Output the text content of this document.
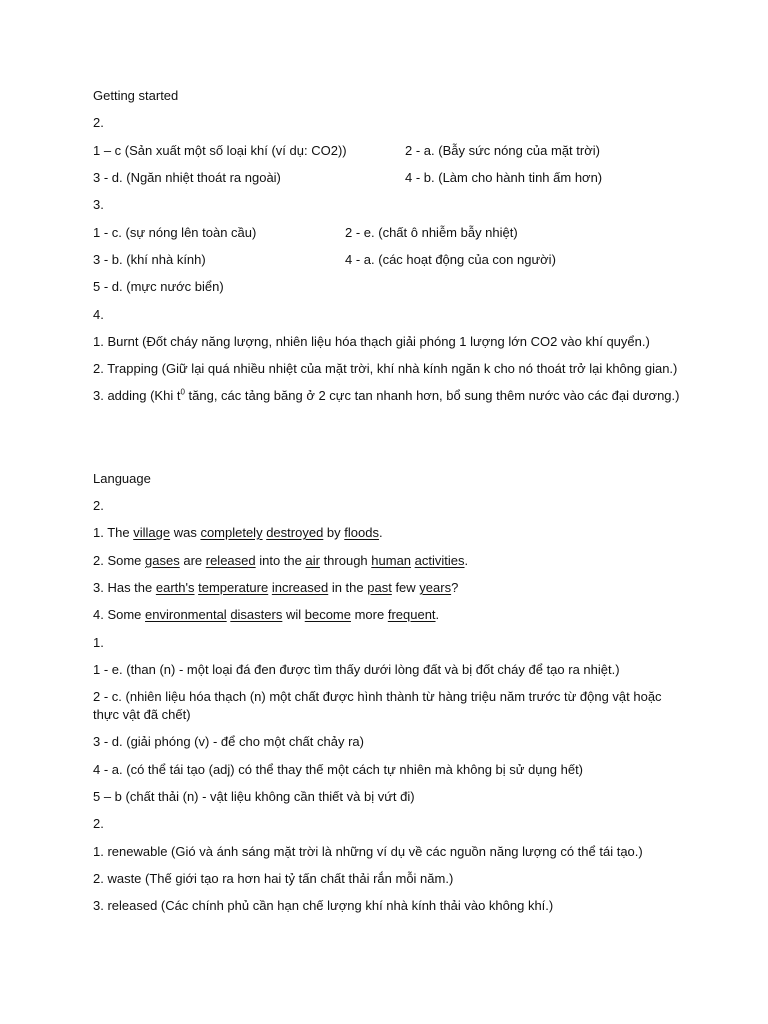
Getting started
2.
1 – c (Sản xuất một số loại khí (ví dụ: CO2))	2 - a. (Bẫy sức nóng của mặt trời)
3 - d. (Ngăn nhiệt thoát ra ngoài)	4 - b. (Làm cho hành tinh ấm hơn)
3.
1 - c. (sự nóng lên toàn cầu)	2 - e. (chất ô nhiễm bẫy nhiệt)
3 - b. (khí nhà kính)	4 - a. (các hoạt động của con người)
5 - d. (mực nước biển)
4.
1. Burnt (Đốt cháy năng lượng, nhiên liệu hóa thạch giải phóng 1 lượng lớn CO2 vào khí quyển.)
2. Trapping (Giữ lại quá nhiều nhiệt của mặt trời, khí nhà kính ngăn k cho nó thoát trở lại không gian.)
3. adding (Khi $t^0$ tăng, các tảng băng ở 2 cực tan nhanh hơn, bổ sung thêm nước vào các đại dương.)
Language
2.
1. The village was completely destroyed by floods.
2. Some gases are released into the air through human activities.
3. Has the earth's temperature increased in the past few years?
4. Some environmental disasters wil become more frequent.
1.
1 - e. (than (n) - một loại đá đen được tìm thấy dưới lòng đất và bị đốt cháy để tạo ra nhiệt.)
2 - c. (nhiên liệu hóa thạch (n) một chất được hình thành từ hàng triệu năm trước từ động vật hoặc thực vật đã chết)
3 - d. (giải phóng (v) - để cho một chất chảy ra)
4 - a. (có thể tái tạo (adj) có thể thay thế một cách tự nhiên mà không bị sử dụng hết)
5 – b (chất thải (n) - vật liệu không cần thiết và bị vứt đi)
2.
1. renewable (Gió và ánh sáng mặt trời là những ví dụ về các nguồn năng lượng có thể tái tạo.)
2. waste (Thế giới tạo ra hơn hai tỷ tấn chất thải rắn mỗi năm.)
3. released (Các chính phủ cần hạn chế lượng khí nhà kính thải vào không khí.)
